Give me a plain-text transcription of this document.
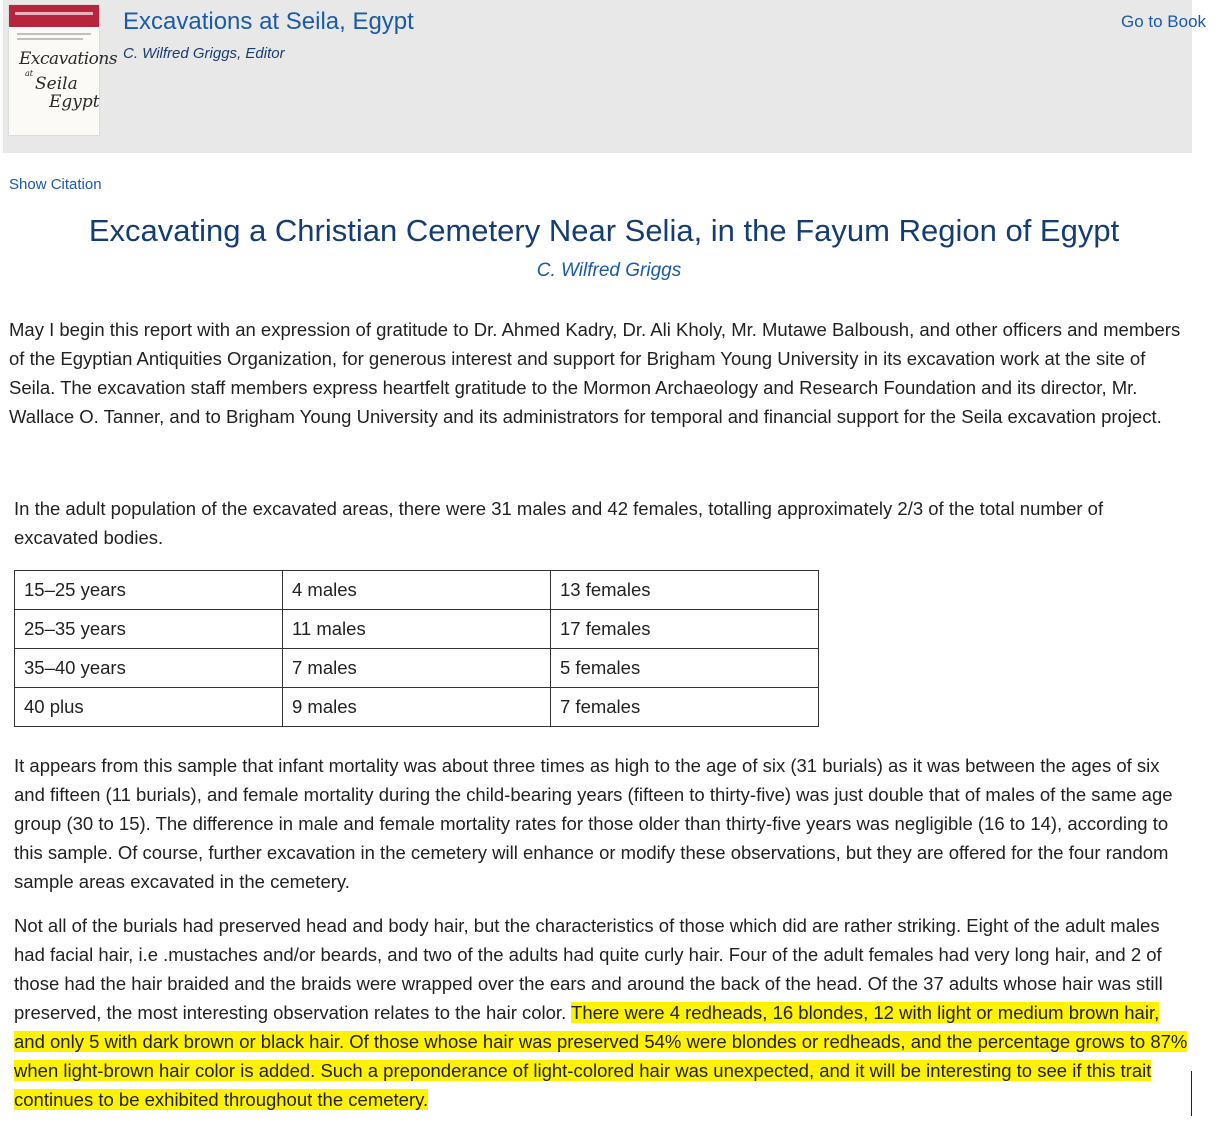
Excavations
at
Seila
Egypt
Excavations at Seila, Egypt
C. Wilfred Griggs, Editor
Go to Book
Show Citation
Excavating a Christian Cemetery Near Selia, in the Fayum Region of Egypt
C. Wilfred Griggs

May I begin this report with an expression of gratitude to Dr. Ahmed Kadry, Dr. Ali Kholy, Mr. Mutawe Balboush, and other officers and members of the Egyptian Antiquities Organization, for generous interest and support for Brigham Young University in its excavation work at the site of Seila. The excavation staff members express heartfelt gratitude to the Mormon Archaeology and Research Foundation and its director, Mr. Wallace O. Tanner, and to Brigham Young University and its administrators for temporal and financial support for the Seila excavation project.

In the adult population of the excavated areas, there were 31 males and 42 females, totalling approximately 2/3 of the total number of excavated bodies.

15–25 years	4 males	13 females
25–35 years	11 males	17 females
35–40 years	7 males	5 females
40 plus	9 males	7 females

It appears from this sample that infant mortality was about three times as high to the age of six (31 burials) as it was between the ages of six and fifteen (11 burials), and female mortality during the child-bearing years (fifteen to thirty-five) was just double that of males of the same age group (30 to 15). The difference in male and female mortality rates for those older than thirty-five years was negligible (16 to 14), according to this sample. Of course, further excavation in the cemetery will enhance or modify these observations, but they are offered for the four random sample areas excavated in the cemetery.

Not all of the burials had preserved head and body hair, but the characteristics of those which did are rather striking. Eight of the adult males had facial hair, i.e .mustaches and/or beards, and two of the adults had quite curly hair. Four of the adult females had very long hair, and 2 of those had the hair braided and the braids were wrapped over the ears and around the back of the head. Of the 37 adults whose hair was still preserved, the most interesting observation relates to the hair color. There were 4 redheads, 16 blondes, 12 with light or medium brown hair, and only 5 with dark brown or black hair. Of those whose hair was preserved 54% were blondes or redheads, and the percentage grows to 87% when light-brown hair color is added. Such a preponderance of light-colored hair was unexpected, and it will be interesting to see if this trait continues to be exhibited throughout the cemetery.
